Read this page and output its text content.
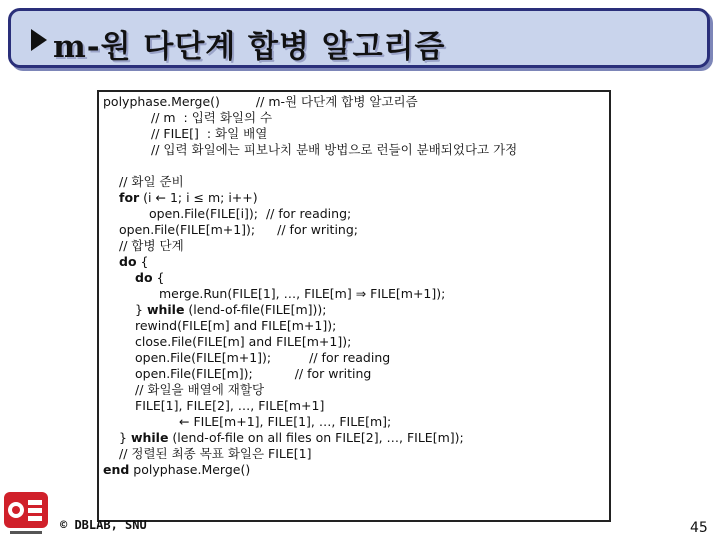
m-원 다단계 합병 알고리즘
polyphase.Merge()	// m-원 다단계 합병 알고리즘
// m  : 입력 화일의 수
// FILE[]  : 화일 배열
// 입력 화일에는 피보나치 분배 방법으로 런들이 분배되었다고 가정
// 화일 준비
for (i ← 1; i ≤ m; i++)
open.File(FILE[i]); // for reading;
open.File(FILE[m+1]); // for writing;
// 합병 단계
do {
do {
merge.Run(FILE[1], …, FILE[m] ⇒ FILE[m+1]);
} while (lend-of-file(FILE[m]));
rewind(FILE[m] and FILE[m+1]);
close.File(FILE[m] and FILE[m+1]);
open.File(FILE[m+1]);	// for reading
open.File(FILE[m]);	// for writing
// 화일을 배열에 재할당
FILE[1], FILE[2], …, FILE[m+1]
← FILE[m+1], FILE[1], …, FILE[m];
} while (lend-of-file on all files on FILE[2], …, FILE[m]);
// 정렬된 최종 목표 화일은 FILE[1]
end polyphase.Merge()
© DBLAB, SNU	45
